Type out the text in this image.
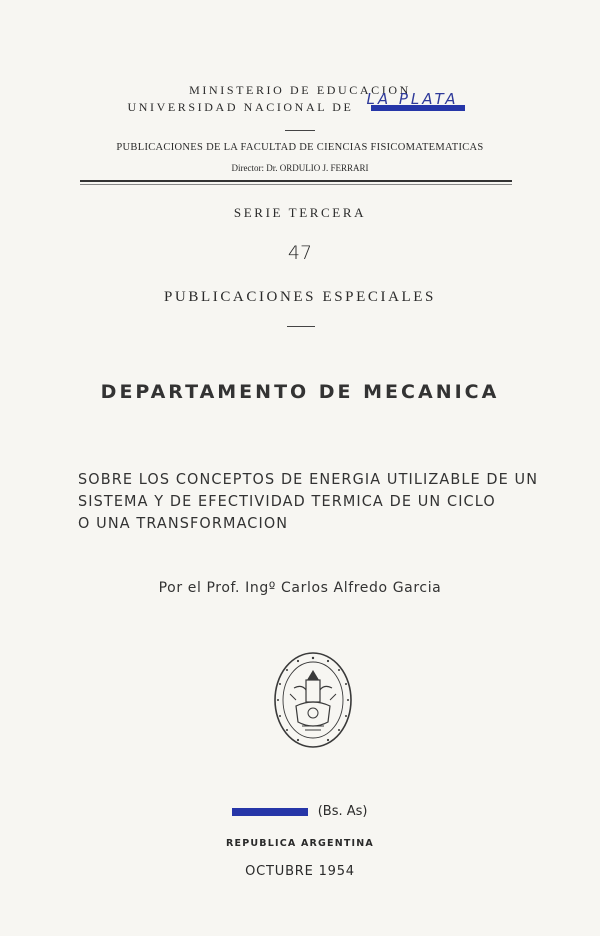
MINISTERIO DE EDUCACION
UNIVERSIDAD NACIONAL DE LA PLATA
PUBLICACIONES DE LA FACULTAD DE CIENCIAS FISICOMATEMATICAS
Director: Dr. ORDULIO J. FERRARI
SERIE TERCERA
47
PUBLICACIONES ESPECIALES
DEPARTAMENTO DE MECANICA
SOBRE LOS CONCEPTOS DE ENERGIA UTILIZABLE DE UN
SISTEMA Y DE EFECTIVIDAD TERMICA DE UN CICLO
O UNA TRANSFORMACION
Por el Prof. Ingº Carlos Alfredo Garcia
(Bs. As)
REPUBLICA ARGENTINA
OCTUBRE 1954
